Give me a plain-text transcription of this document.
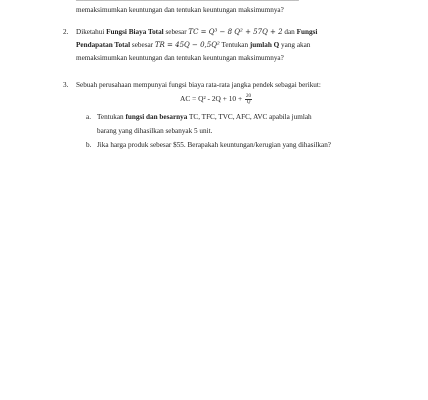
memaksimumkan keuntungan dan tentukan keuntungan maksimumnya?
2. Diketahui Fungsi Biaya Total sebesar TC = Q³ − 8 Q² + 57Q + 2 dan Fungsi
Pendapatan Total sebesar TR = 45Q − 0,5Q² Tentukan jumlah Q yang akan
memaksimumkan keuntungan dan tentukan keuntungan maksimumnya?
3. Sebuah perusahaan mempunyai fungsi biaya rata-rata jangka pendek sebagai berikut:
AC = $Q^2 - 2Q + 10 + \frac{20}{Q}$
a. Tentukan fungsi dan besarnya TC, TFC, TVC, AFC, AVC apabila jumlah
barang yang dihasilkan sebanyak 5 unit.
b. Jika harga produk sebesar $55. Berapakah keuntungan/kerugian yang dihasilkan?
